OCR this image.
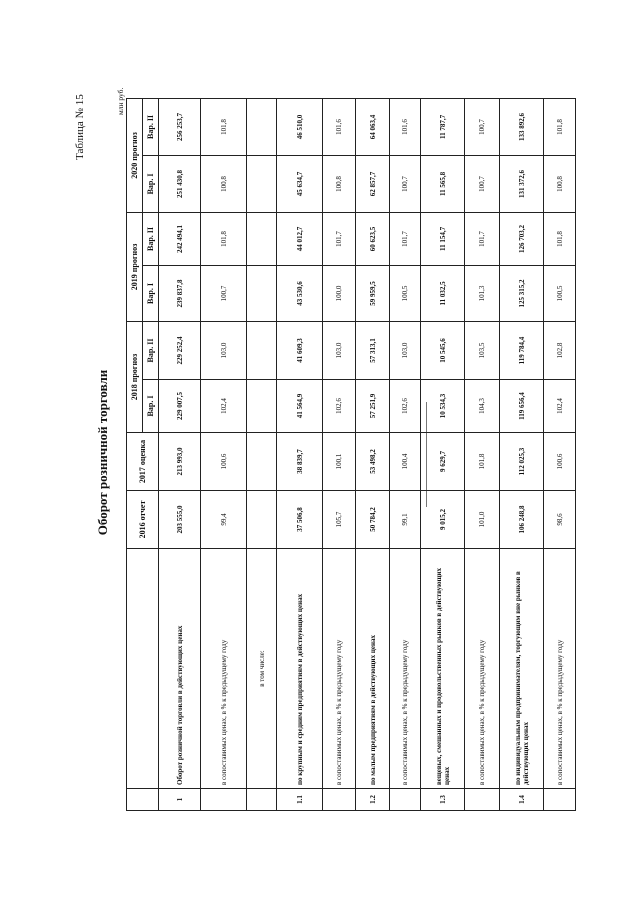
Таблица № 15
Оборот розничной торговли
млн руб.
		2016 отчет	2017 оценка	2018 прогноз		2019 прогноз		2020 прогноз	
				Вар. I	Вар. II	Вар. I	Вар. II	Вар. I	Вар. II
1	Оборот розничной торговли в действующих ценах	203 555,0	213 993,0	229 007,5	229 252,4	239 837,8	242 494,1	251 430,8	256 253,7
	в сопоставимых ценах, в % к предыдущему году	99,4	100,6	102,4	103,0	100,7	101,8	100,8	101,8
	в том числе:								
1.1	по крупным и средним предприятиям в действующих ценах	37 506,8	38 839,7	41 564,9	41 609,3	43 530,6	44 012,7	45 634,7	46 510,0
	в сопоставимых ценах, в % к предыдущему году	105,7	100,1	102,6	103,0	100,0	101,7	100,8	101,6
1.2	по малым предприятиям в действующих ценах	50 784,2	53 498,2	57 251,9	57 313,1	59 959,5	60 623,5	62 857,7	64 063,4
	в сопоставимых ценах, в % к предыдущему году	99,1	100,4	102,6	103,0	100,5	101,7	100,7	101,6
1.3	вещевых, смешанных и продовольственных рынков в действующих ценах	9 015,2	9 629,7	10 534,3	10 545,6	11 032,5	11 154,7	11 565,8	11 787,7
	в сопоставимых ценах, в % к предыдущему году	101,0	101,8	104,3	103,5	101,3	101,7	100,7	100,7
1.4	по индивидуальным предпринимателям, торгующим вне рынков в действующих ценах	106 248,8	112 025,3	119 656,4	119 784,4	125 315,2	126 703,2	131 372,6	133 892,6
	в сопоставимых ценах, в % к предыдущему году	98,6	100,6	102,4	102,8	100,5	101,8	100,8	101,8
